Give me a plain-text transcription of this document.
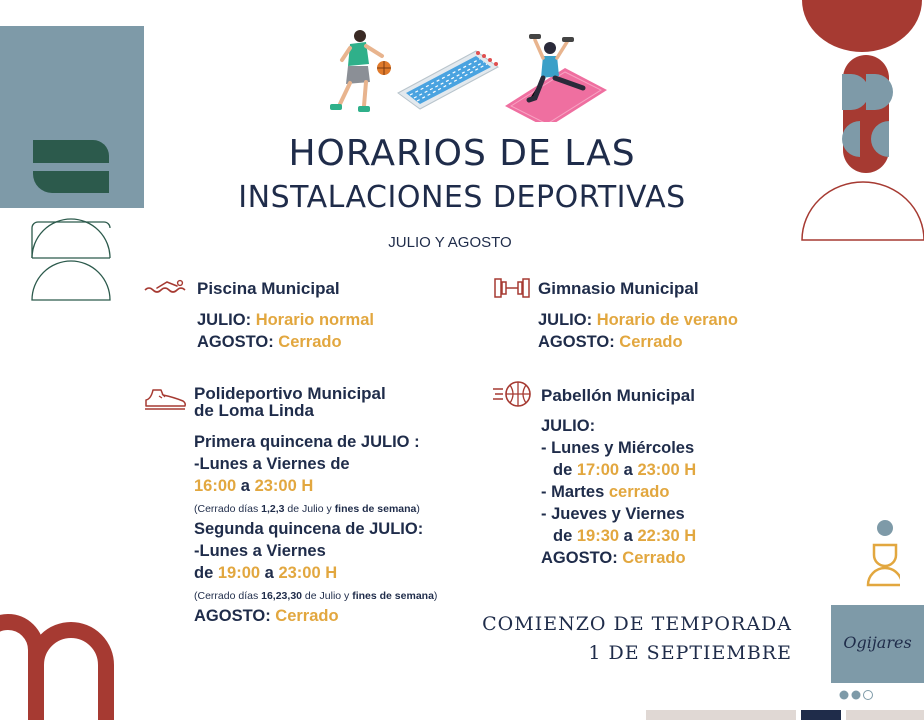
Ogijares
HORARIOS DE LAS
INSTALACIONES DEPORTIVAS
JULIO Y AGOSTO
Piscina Municipal
JULIO: Horario normal
AGOSTO: Cerrado
Gimnasio Municipal
JULIO: Horario de verano
AGOSTO: Cerrado
Polideportivo Municipal
de Loma Linda
Primera quincena de JULIO :
-Lunes a Viernes de
16:00 a 23:00 H
(Cerrado días 1,2,3 de Julio y fines de semana)
Segunda quincena de JULIO:
-Lunes a Viernes
de 19:00 a 23:00 H
(Cerrado días 16,23,30 de Julio y fines de semana)
AGOSTO: Cerrado
Pabellón Municipal
JULIO:
- Lunes y Miércoles
de 17:00 a 23:00 H
- Martes cerrado
- Jueves y Viernes
de 19:30 a 22:30 H
AGOSTO: Cerrado
COMIENZO DE TEMPORADA
1 DE SEPTIEMBRE
